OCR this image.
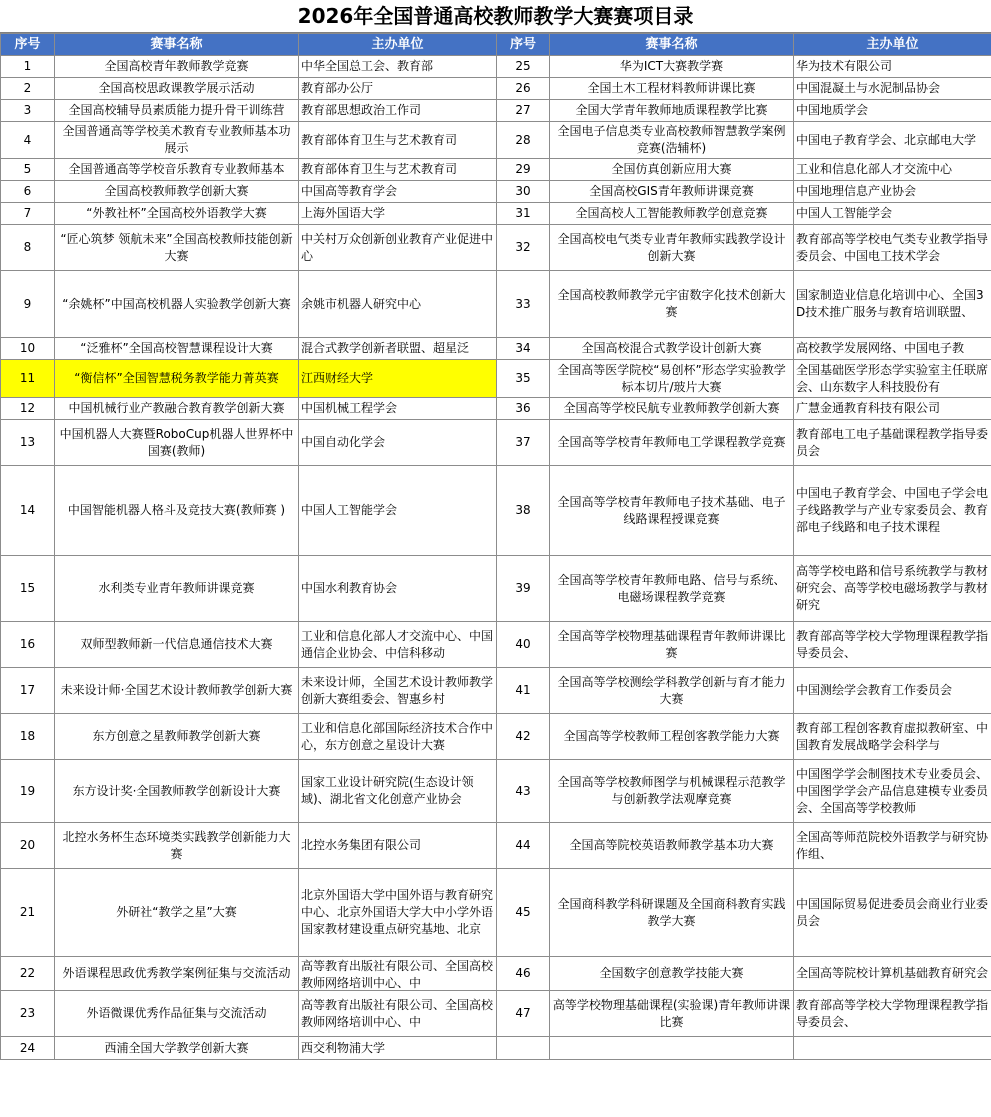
2026年全国普通高校教师教学大赛赛项目录
序号	赛事名称	主办单位	序号	赛事名称	主办单位

1	全国高校青年教师教学竞赛	中华全国总工会、教育部	25	华为ICT大赛教学赛	华为技术有限公司

2	全国高校思政课教学展示活动	教育部办公厅	26	全国土木工程材料教师讲课比赛	中国混凝土与水泥制品协会

3	全国高校辅导员素质能力提升骨干训练营	教育部思想政治工作司	27	全国大学青年教师地质课程教学比赛	中国地质学会

4	全国普通高等学校美术教育专业教师基本功展示	教育部体育卫生与艺术教育司	28	全国电子信息类专业高校教师智慧教学案例竞赛(浩辅杯)	中国电子教育学会、北京邮电大学

5	全国普通高等学校音乐教育专业教师基本	教育部体育卫生与艺术教育司	29	全国仿真创新应用大赛	工业和信息化部人才交流中心

6	全国高校教师教学创新大赛	中国高等教育学会	30	全国高校GIS青年教师讲课竞赛	中国地理信息产业协会

7	“外教社杯”全国高校外语教学大赛	上海外国语大学	31	全国高校人工智能教师教学创意竞赛	中国人工智能学会

8	“匠心筑梦 领航未来”全国高校教师技能创新大赛	中关村万众创新创业教育产业促进中心	32	全国高校电气类专业青年教师实践教学设计创新大赛	教育部高等学校电气类专业教学指导委员会、中国电工技术学会

9	“余姚杯”中国高校机器人实验教学创新大赛	余姚市机器人研究中心	33	全国高校教师教学元宇宙数字化技术创新大赛	国家制造业信息化培训中心、全国3D技术推广服务与教育培训联盟、

10	“泛雅杯”全国高校智慧课程设计大赛	混合式教学创新者联盟、超星泛	34	全国高校混合式教学设计创新大赛	高校教学发展网络、中国电子教

11	“衡信杯”全国智慧税务教学能力菁英赛	江西财经大学	35	全国高等医学院校“易创杯”形态学实验教学标本切片/玻片大赛	全国基础医学形态学实验室主任联席会、山东数字人科技股份有

12	中国机械行业产教融合教育教学创新大赛	中国机械工程学会	36	全国高等学校民航专业教师教学创新大赛	广慧金通教育科技有限公司

13	中国机器人大赛暨RoboCup机器人世界杯中国赛(教师)	中国自动化学会	37	全国高等学校青年教师电工学课程教学竞赛	教育部电工电子基础课程教学指导委员会

14	中国智能机器人格斗及竞技大赛(教师赛 )	中国人工智能学会	38	全国高等学校青年教师电子技术基础、电子线路课程授课竞赛	中国电子教育学会、中国电子学会电子线路教学与产业专家委员会、教育部电子线路和电子技术课程

15	水利类专业青年教师讲课竞赛	中国水利教育协会	39	全国高等学校青年教师电路、信号与系统、电磁场课程教学竞赛	高等学校电路和信号系统教学与教材研究会、高等学校电磁场教学与教材研究

16	双师型教师新一代信息通信技术大赛	工业和信息化部人才交流中心、中国通信企业协会、中信科移动	40	全国高等学校物理基础课程青年教师讲课比赛	教育部高等学校大学物理课程教学指导委员会、

17	未来设计师·全国艺术设计教师教学创新大赛	未来设计师，全国艺术设计教师教学创新大赛组委会、智惠乡村	41	全国高等学校测绘学科教学创新与育才能力大赛	中国测绘学会教育工作委员会

18	东方创意之星教师教学创新大赛	工业和信息化部国际经济技术合作中心，东方创意之星设计大赛	42	全国高等学校教师工程创客教学能力大赛	教育部工程创客教育虚拟教研室、中国教育发展战略学会科学与

19	东方设计奖·全国教师教学创新设计大赛	国家工业设计研究院(生态设计领域)、湖北省文化创意产业协会	43	全国高等学校教师图学与机械课程示范教学与创新教学法观摩竞赛	中国图学学会制图技术专业委员会、中国图学学会产品信息建模专业委员会、全国高等学校教师

20	北控水务杯生态环境类实践教学创新能力大赛	北控水务集团有限公司	44	全国高等院校英语教师教学基本功大赛	全国高等师范院校外语教学与研究协作组、

21	外研社“教学之星”大赛	北京外国语大学中国外语与教育研究中心、北京外国语大学大中小学外语国家教材建设重点研究基地、北京	45	全国商科教学科研课题及全国商科教育实践教学大赛	中国国际贸易促进委员会商业行业委员会

22	外语课程思政优秀教学案例征集与交流活动	高等教育出版社有限公司、全国高校教师网络培训中心、中	46	全国数字创意教学技能大赛	全国高等院校计算机基础教育研究会

23	外语微课优秀作品征集与交流活动	高等教育出版社有限公司、全国高校教师网络培训中心、中	47	高等学校物理基础课程(实验课)青年教师讲课比赛	教育部高等学校大学物理课程教学指导委员会、

24	西浦全国大学教学创新大赛	西交利物浦大学			
